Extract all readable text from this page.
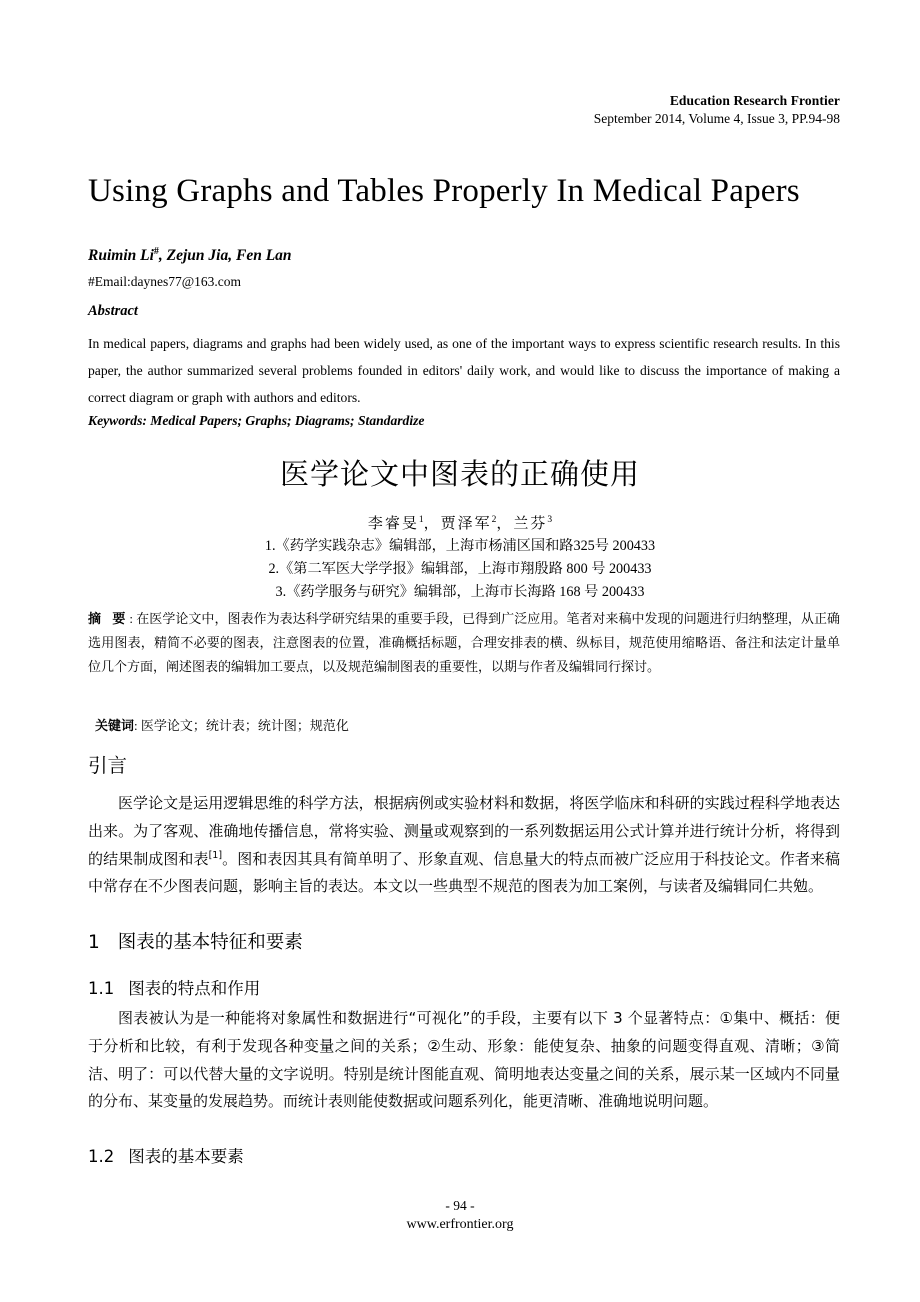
Education Research Frontier
September 2014, Volume 4, Issue 3, PP.94-98
Using Graphs and Tables Properly In Medical Papers
Ruimin Li#, Zejun Jia, Fen Lan
#Email:daynes77@163.com
Abstract
In medical papers, diagrams and graphs had been widely used, as one of the important ways to express scientific research results. In this paper, the author summarized several problems founded in editors' daily work, and would like to discuss the importance of making a correct diagram or graph with authors and editors.
Keywords: Medical Papers; Graphs; Diagrams; Standardize
医学论文中图表的正确使用
李睿旻$^1$，贾泽军$^2$，兰芬$^3$
1.《药学实践杂志》编辑部，上海市杨浦区国和路325号 200433
2.《第二军医大学学报》编辑部，上海市翔殷路 800 号 200433
3.《药学服务与研究》编辑部，上海市长海路 168 号 200433
摘 要: 在医学论文中，图表作为表达科学研究结果的重要手段，已得到广泛应用。笔者对来稿中发现的问题进行归纳整理，从正确选用图表，精简不必要的图表，注意图表的位置，准确概括标题，合理安排表的横、纵标目，规范使用缩略语、备注和法定计量单位几个方面，阐述图表的编辑加工要点，以及规范编制图表的重要性，以期与作者及编辑同行探讨。
关键词: 医学论文；统计表；统计图；规范化
引言
医学论文是运用逻辑思维的科学方法，根据病例或实验材料和数据，将医学临床和科研的实践过程科学地表达出来。为了客观、准确地传播信息，常将实验、测量或观察到的一系列数据运用公式计算并进行统计分析，将得到的结果制成图和表[1]。图和表因其具有简单明了、形象直观、信息量大的特点而被广泛应用于科技论文。作者来稿中常存在不少图表问题，影响主旨的表达。本文以一些典型不规范的图表为加工案例，与读者及编辑同仁共勉。
1 图表的基本特征和要素
1.1 图表的特点和作用
图表被认为是一种能将对象属性和数据进行“可视化”的手段，主要有以下 3 个显著特点：①集中、概括：便于分析和比较，有利于发现各种变量之间的关系；②生动、形象：能使复杂、抽象的问题变得直观、清晰；③简洁、明了：可以代替大量的文字说明。特别是统计图能直观、简明地表达变量之间的关系，展示某一区域内不同量的分布、某变量的发展趋势。而统计表则能使数据或问题系列化，能更清晰、准确地说明问题。
1.2 图表的基本要素
- 94 -
www.erfrontier.org
